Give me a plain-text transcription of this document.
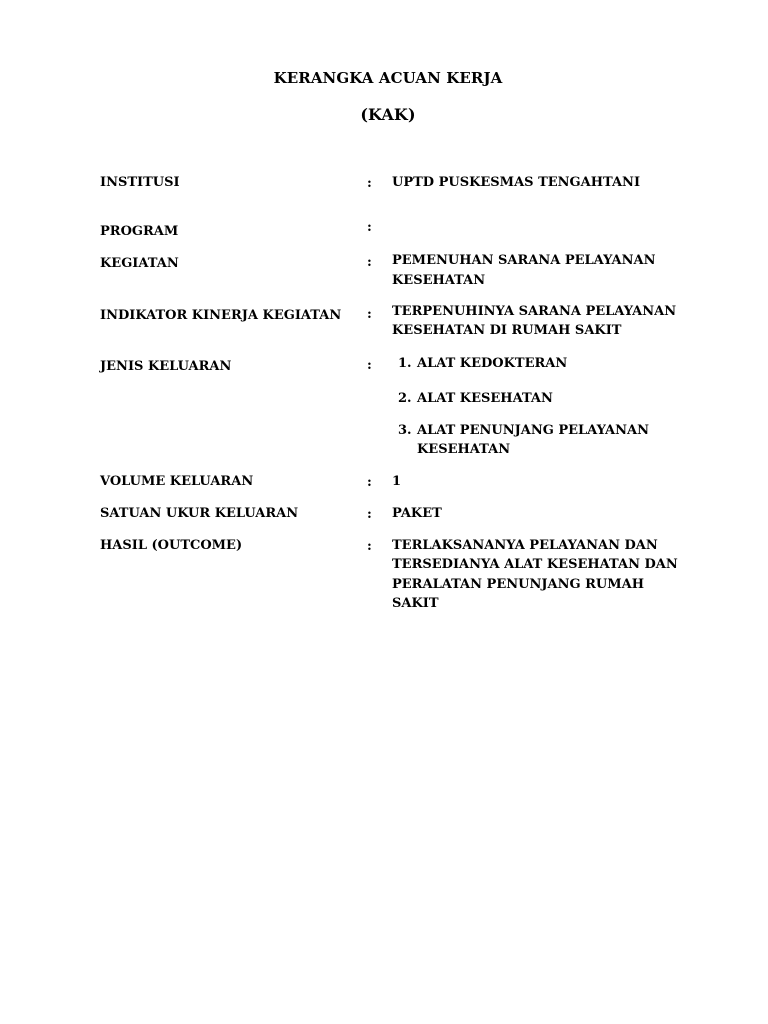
KERANGKA ACUAN KERJA
(KAK)
INSTITUSI	: UPTD PUSKESMAS TENGAHTANI
PROGRAM	:
KEGIATAN	: PEMENUHAN SARANA PELAYANAN
KESEHATAN
INDIKATOR KINERJA KEGIATAN : TERPENUHINYA SARANA PELAYANAN
KESEHATAN DI RUMAH SAKIT
JENIS KELUARAN	: 1. ALAT KEDOKTERAN
2. ALAT KESEHATAN
3. ALAT PENUNJANG PELAYANAN
KESEHATAN
VOLUME KELUARAN	: 1
SATUAN UKUR KELUARAN	: PAKET
HASIL (OUTCOME)	: TERLAKSANANYA PELAYANAN DAN
TERSEDIANYA ALAT KESEHATAN DAN
PERALATAN PENUNJANG RUMAH
SAKIT
